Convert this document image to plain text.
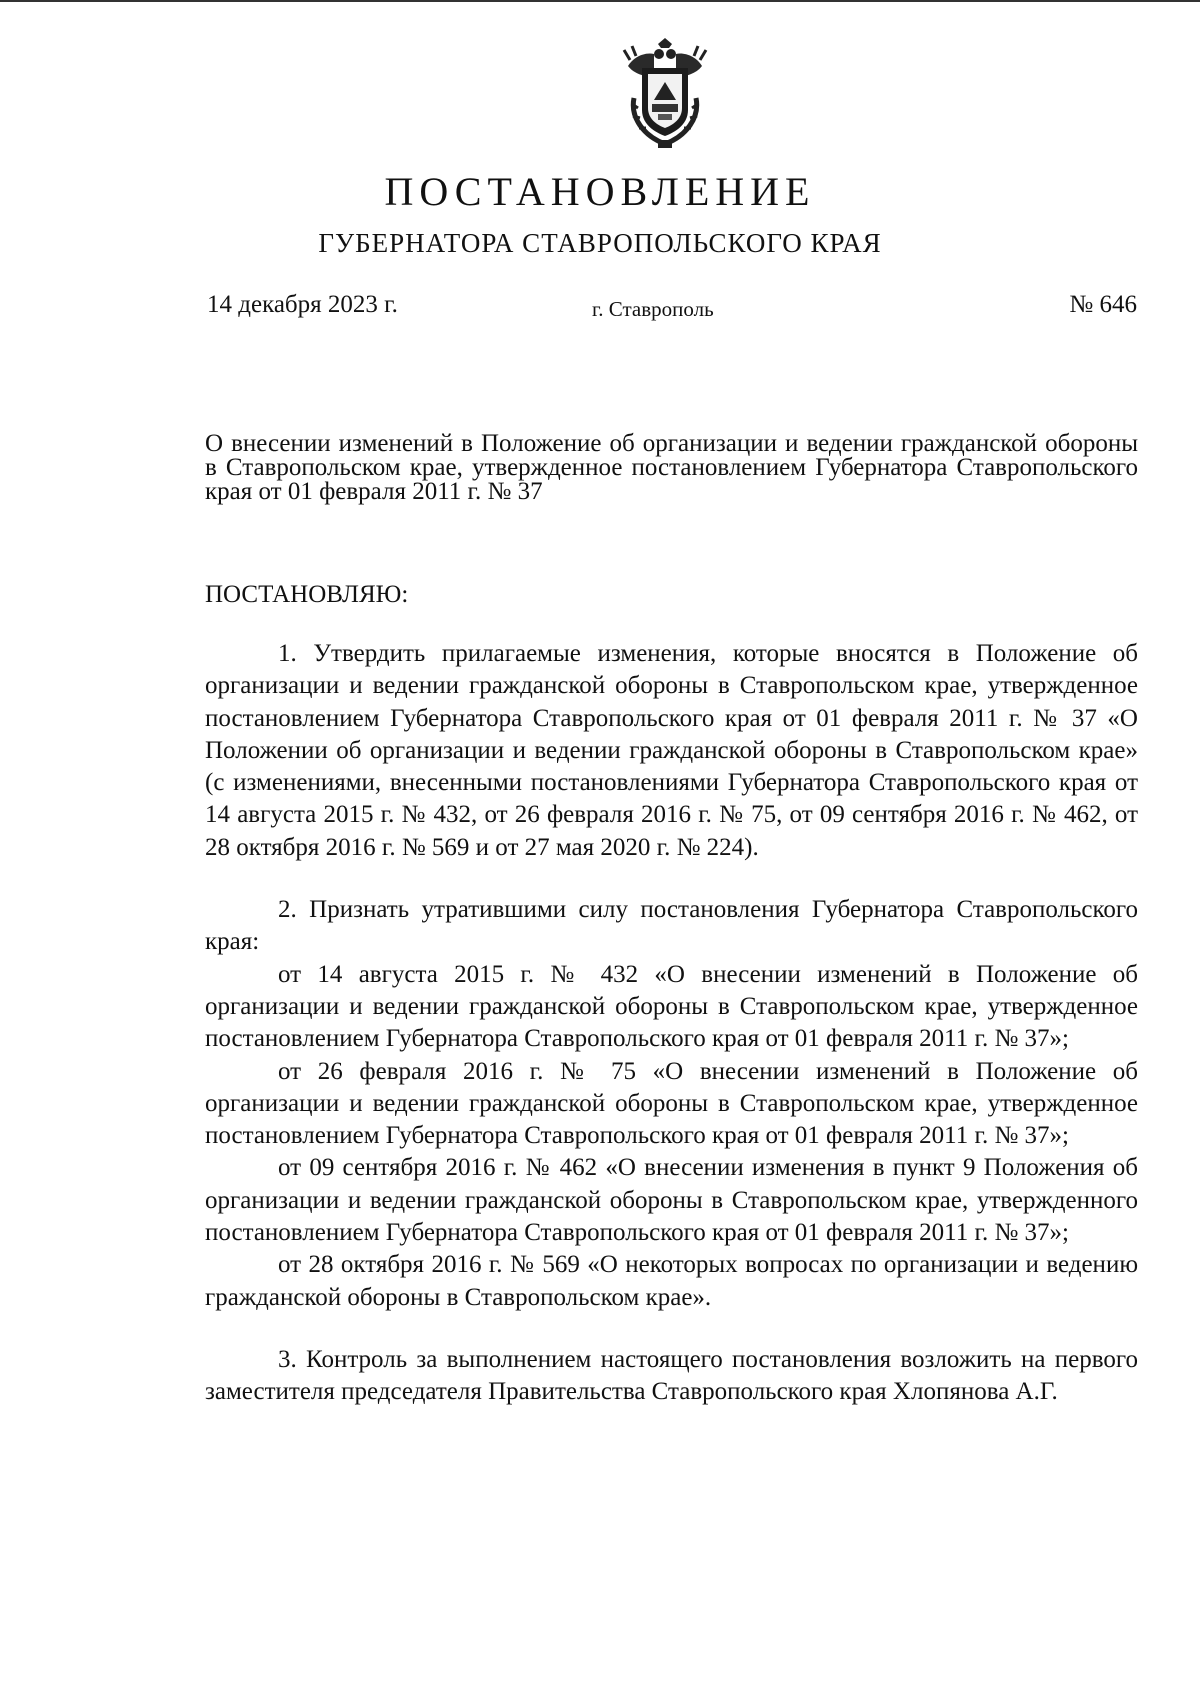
ПОСТАНОВЛЕНИЕ
ГУБЕРНАТОРА СТАВРОПОЛЬСКОГО КРАЯ
14 декабря 2023 г.	г. Ставрополь	№ 646
О внесении изменений в Положение об организации и ведении гражданской обороны в Ставропольском крае, утвержденное постановлением Губернатора Ставропольского края от 01 февраля 2011 г. № 37
ПОСТАНОВЛЯЮ:

1. Утвердить прилагаемые изменения, которые вносятся в Положение об организации и ведении гражданской обороны в Ставропольском крае, утвержденное постановлением Губернатора Ставропольского края от 01 февраля 2011 г. № 37 «О Положении об организации и ведении гражданской обороны в Ставропольском крае» (с изменениями, внесенными постановлениями Губернатора Ставропольского края от 14 августа 2015 г. № 432, от 26 февраля 2016 г. № 75, от 09 сентября 2016 г. № 462, от 28 октября 2016 г. № 569 и от 27 мая 2020 г. № 224).

2. Признать утратившими силу постановления Губернатора Ставропольского края:

от 14 августа 2015 г. № 432 «О внесении изменений в Положение об организации и ведении гражданской обороны в Ставропольском крае, утвержденное постановлением Губернатора Ставропольского края от 01 февраля 2011 г. № 37»;

от 26 февраля 2016 г. № 75 «О внесении изменений в Положение об организации и ведении гражданской обороны в Ставропольском крае, утвержденное постановлением Губернатора Ставропольского края от 01 февраля 2011 г. № 37»;

от 09 сентября 2016 г. № 462 «О внесении изменения в пункт 9 Положения об организации и ведении гражданской обороны в Ставропольском крае, утвержденного постановлением Губернатора Ставропольского края от 01 февраля 2011 г. № 37»;

от 28 октября 2016 г. № 569 «О некоторых вопросах по организации и ведению гражданской обороны в Ставропольском крае».

3. Контроль за выполнением настоящего постановления возложить на первого заместителя председателя Правительства Ставропольского края Хлопянова А.Г.
